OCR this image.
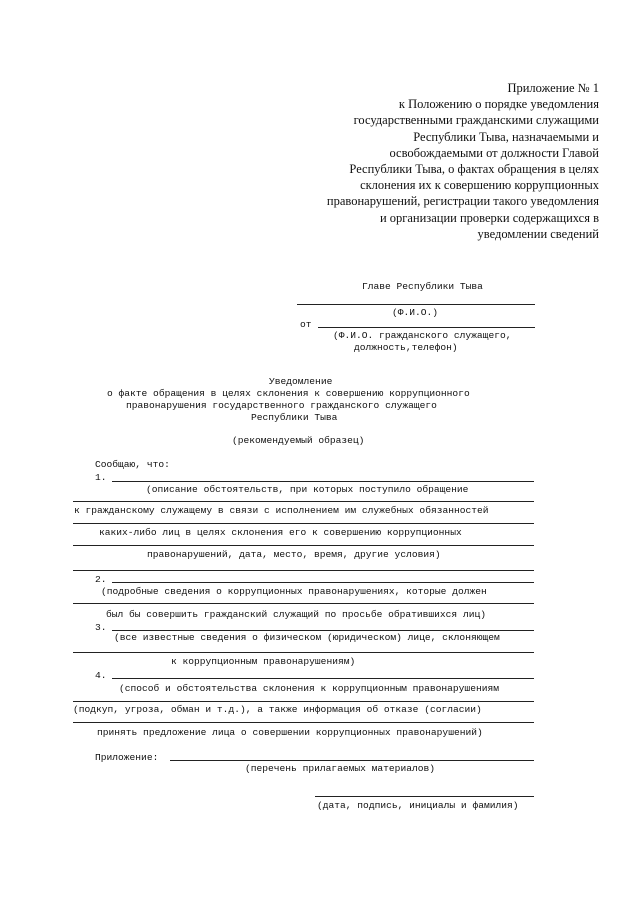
Приложение № 1
к Положению о порядке уведомления
государственными гражданскими служащими
Республики Тыва, назначаемыми и
освобождаемыми от должности Главой
Республики Тыва, о фактах обращения в целях
склонения их к совершению коррупционных
правонарушений, регистрации такого уведомления
и организации проверки содержащихся в
уведомлении сведений
Главе Республики Тыва
(Ф.И.О.)
от
(Ф.И.О. гражданского служащего,
должность,телефон)
Уведомление
о факте обращения в целях склонения к совершению коррупционного
правонарушения государственного гражданского служащего
Республики Тыва
(рекомендуемый образец)
Сообщаю, что:
1.
(описание обстоятельств, при которых поступило обращение
к гражданскому служащему в связи с исполнением им служебных обязанностей
каких-либо лиц в целях склонения его к совершению коррупционных
правонарушений, дата, место, время, другие условия)
2.
(подробные сведения о коррупционных правонарушениях, которые должен
был бы совершить гражданский служащий по просьбе обратившихся лиц)
3.
(все известные сведения о физическом (юридическом) лице, склоняющем
к коррупционным правонарушениям)
4.
(способ и обстоятельства склонения к коррупционным правонарушениям
(подкуп, угроза, обман и т.д.), а также информация об отказе (согласии)
принять предложение лица о совершении коррупционных правонарушений)
Приложение:
(перечень прилагаемых материалов)
(дата, подпись, инициалы и фамилия)
